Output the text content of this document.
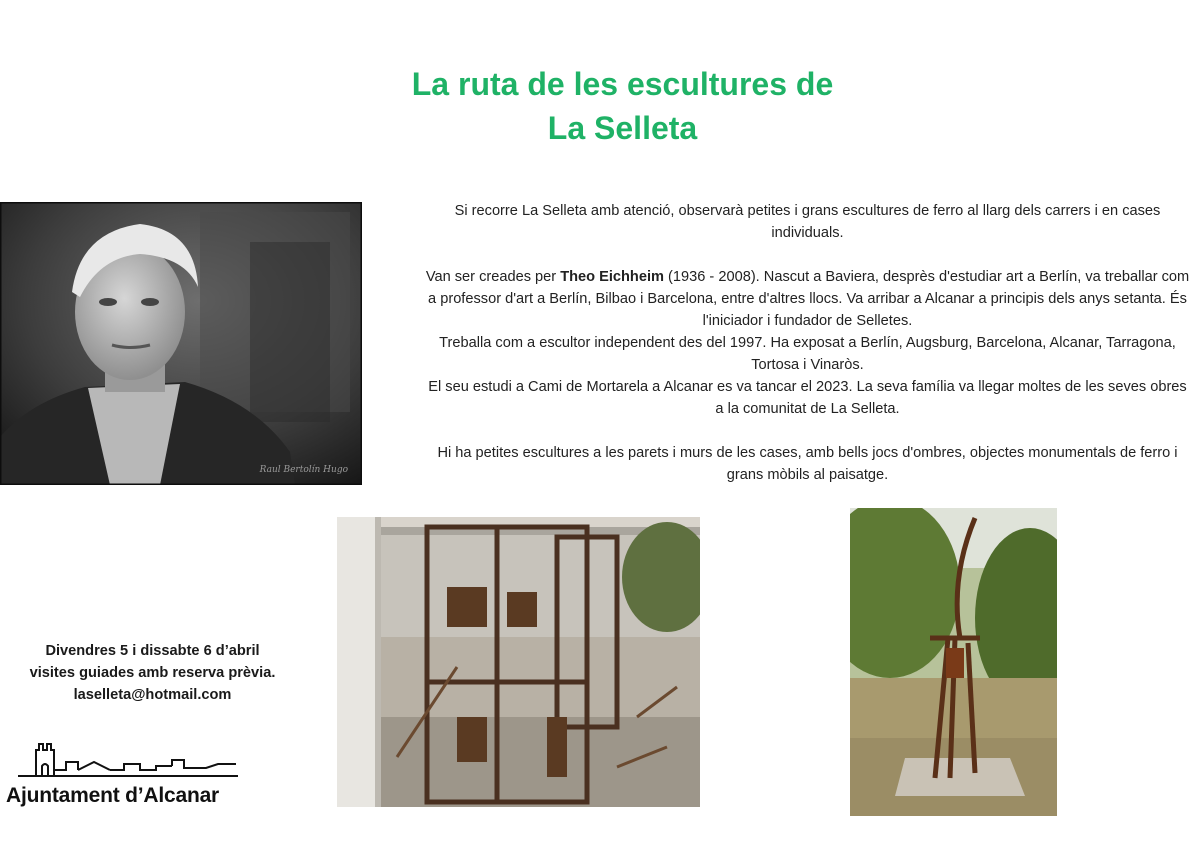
La ruta de les escultures de
La Selleta
Raul Bertolín Hugo

Si recorre La Selleta amb atenció, observarà petites i grans escultures de ferro al llarg dels carrers i en cases individuals.

Van ser creades per Theo Eichheim (1936 - 2008). Nascut a Baviera, desprès d'estudiar art a Berlín, va treballar com a professor d'art a Berlín, Bilbao i Barcelona, entre d'altres llocs. Va arribar a Alcanar a principis dels anys setanta. És l'iniciador i fundador de Selletes.

Treballa com a escultor independent des del 1997. Ha exposat a Berlín, Augsburg, Barcelona, Alcanar, Tarragona, Tortosa i Vinaròs.

El seu estudi a Cami de Mortarela a Alcanar es va tancar el 2023. La seva família va llegar moltes de les seves obres a la comunitat de La Selleta.

Hi ha petites escultures a les parets i murs de les cases, amb bells jocs d'ombres, objectes monumentals de ferro i grans mòbils al paisatge.

Divendres 5 i dissabte 6 d’abril
visites guiades amb reserva prèvia.
laselleta@hotmail.com
Ajuntament d’Alcanar
